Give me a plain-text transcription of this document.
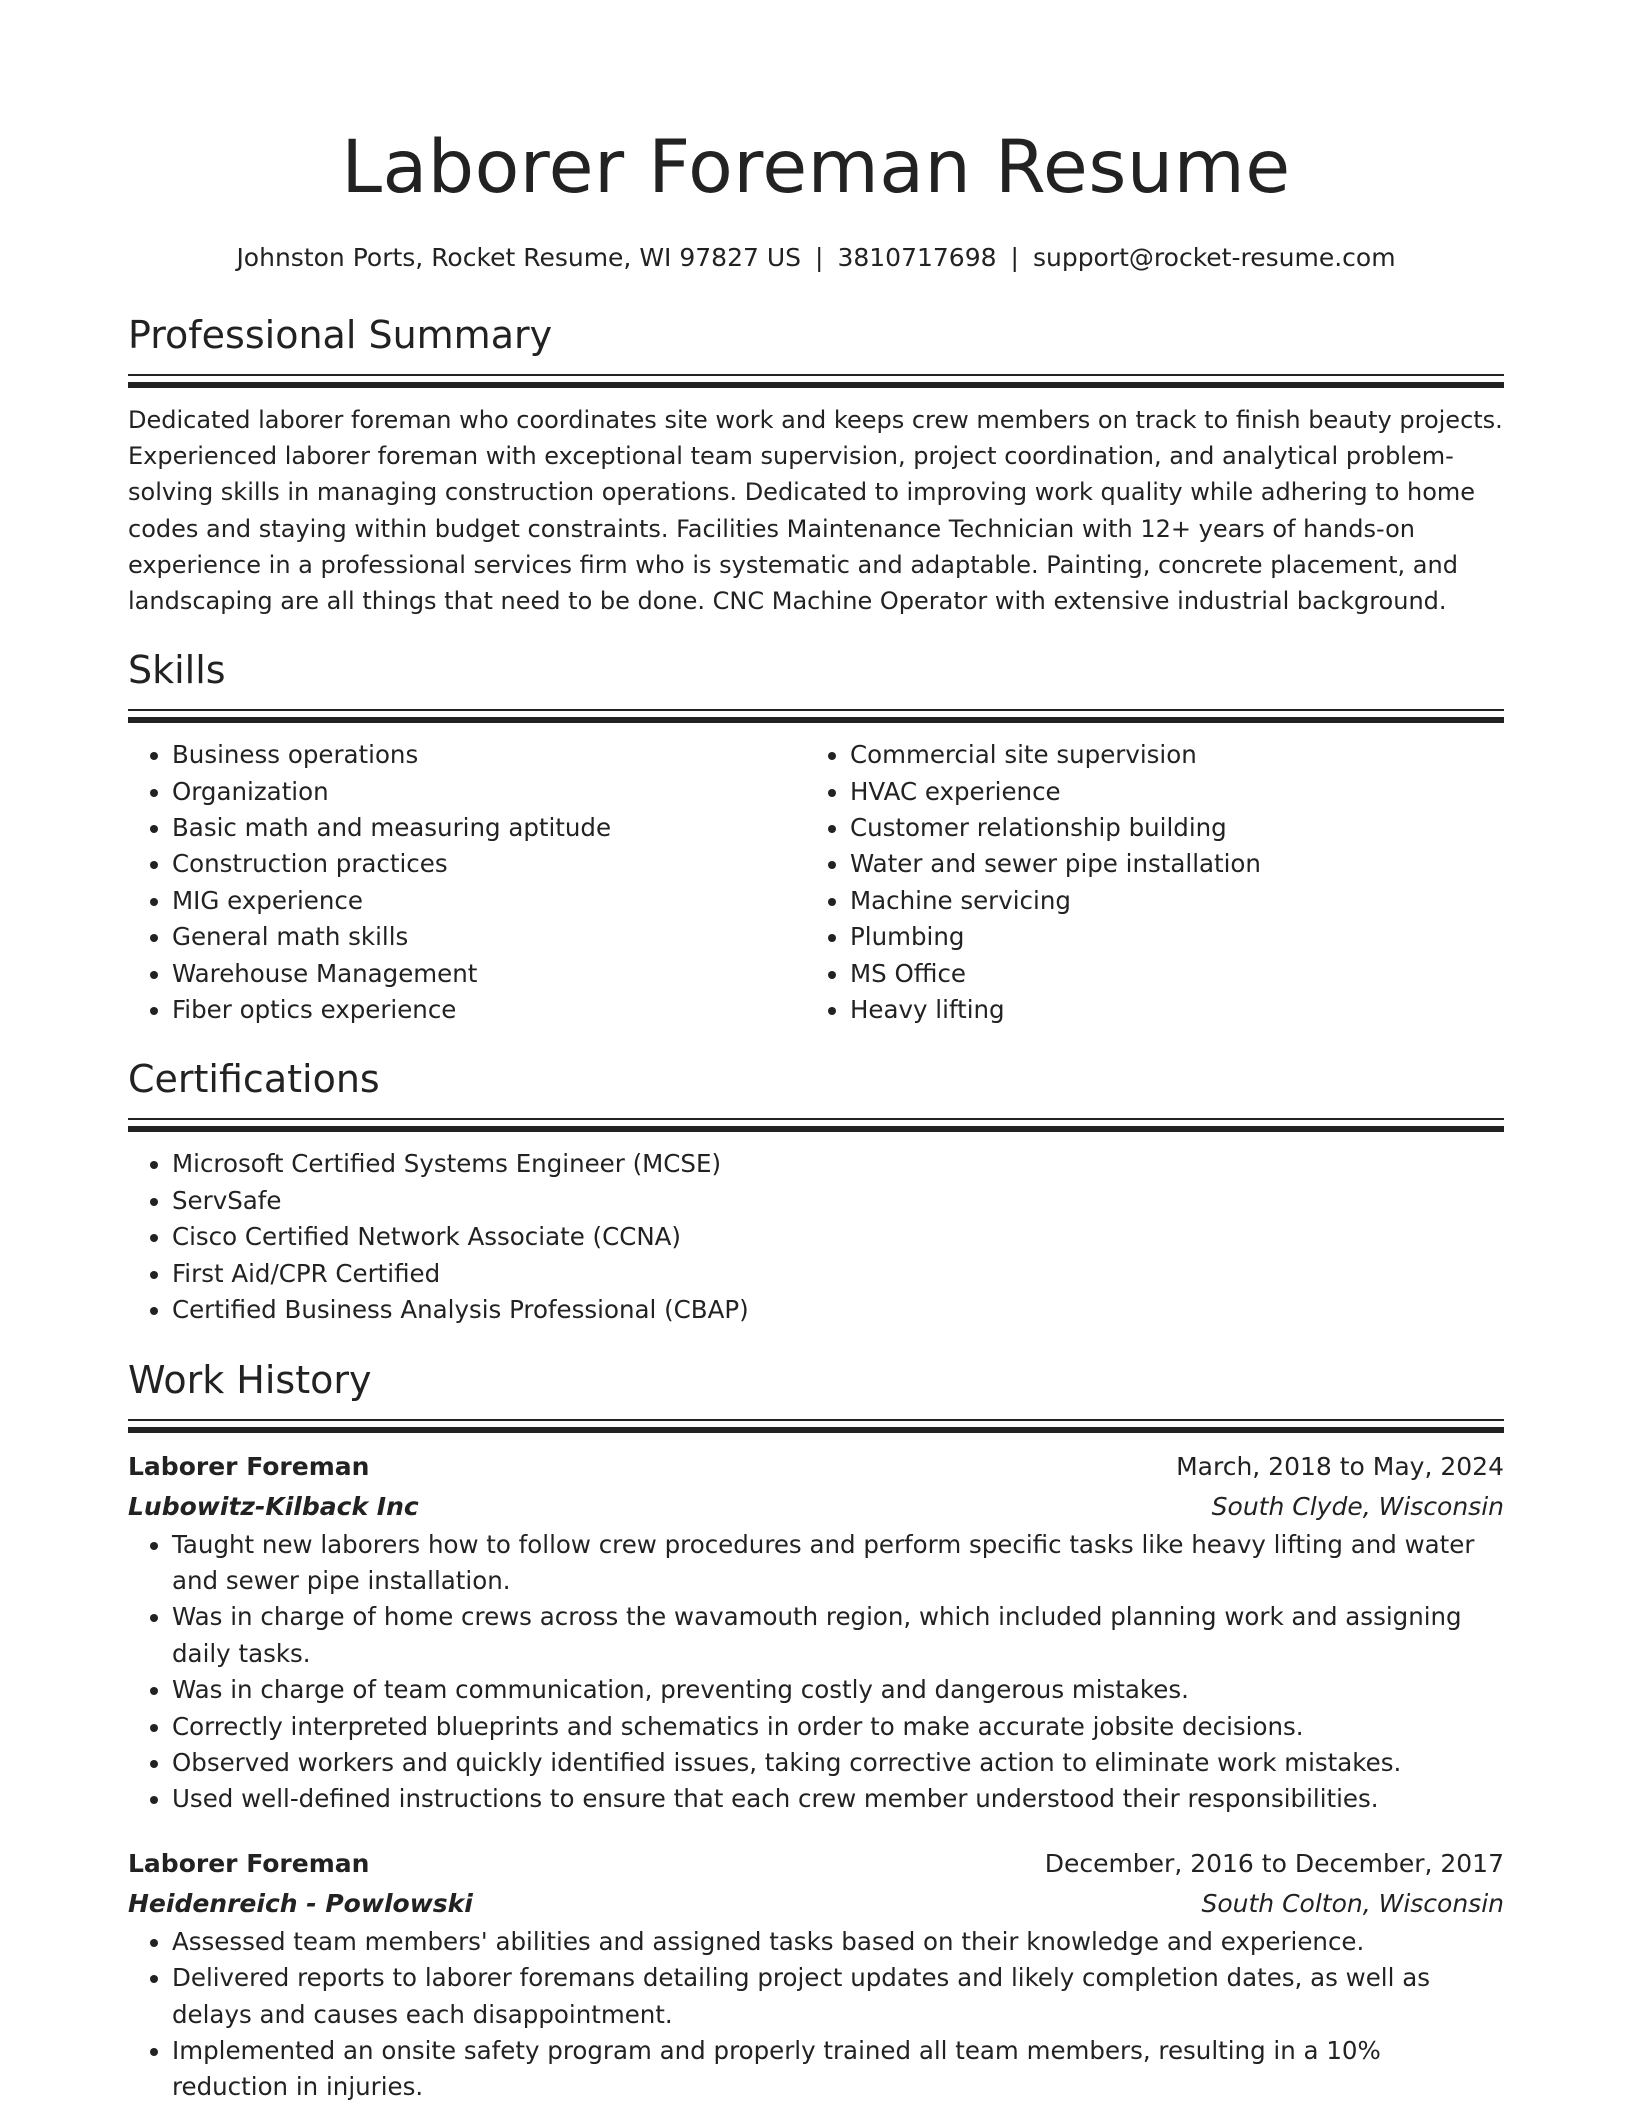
Laborer Foreman Resume
Johnston Ports, Rocket Resume, WI 97827 US | 3810717698 | support@rocket-resume.com
Professional Summary

Dedicated laborer foreman who coordinates site work and keeps crew members on track to finish beauty projects. Experienced laborer foreman with exceptional team supervision, project coordination, and analytical problem-solving skills in managing construction operations. Dedicated to improving work quality while adhering to home codes and staying within budget constraints. Facilities Maintenance Technician with 12+ years of hands-on experience in a professional services firm who is systematic and adaptable. Painting, concrete placement, and landscaping are all things that need to be done. CNC Machine Operator with extensive industrial background.

Skills
• Business operations
• Organization
• Basic math and measuring aptitude
• Construction practices
• MIG experience
• General math skills
• Warehouse Management
• Fiber optics experience
• Commercial site supervision
• HVAC experience
• Customer relationship building
• Water and sewer pipe installation
• Machine servicing
• Plumbing
• MS Office
• Heavy lifting
Certifications
• Microsoft Certified Systems Engineer (MCSE)
• ServSafe
• Cisco Certified Network Associate (CCNA)
• First Aid/CPR Certified
• Certified Business Analysis Professional (CBAP)
Work History
Laborer Foreman	March, 2018 to May, 2024
Lubowitz-Kilback Inc	South Clyde, Wisconsin
• Taught new laborers how to follow crew procedures and perform specific tasks like heavy lifting and water and sewer pipe installation.
• Was in charge of home crews across the wavamouth region, which included planning work and assigning daily tasks.
• Was in charge of team communication, preventing costly and dangerous mistakes.
• Correctly interpreted blueprints and schematics in order to make accurate jobsite decisions.
• Observed workers and quickly identified issues, taking corrective action to eliminate work mistakes.
• Used well-defined instructions to ensure that each crew member understood their responsibilities.
Laborer Foreman	December, 2016 to December, 2017
Heidenreich - Powlowski	South Colton, Wisconsin
• Assessed team members' abilities and assigned tasks based on their knowledge and experience.
• Delivered reports to laborer foremans detailing project updates and likely completion dates, as well as delays and causes each disappointment.
• Implemented an onsite safety program and properly trained all team members, resulting in a 10% reduction in injuries.
